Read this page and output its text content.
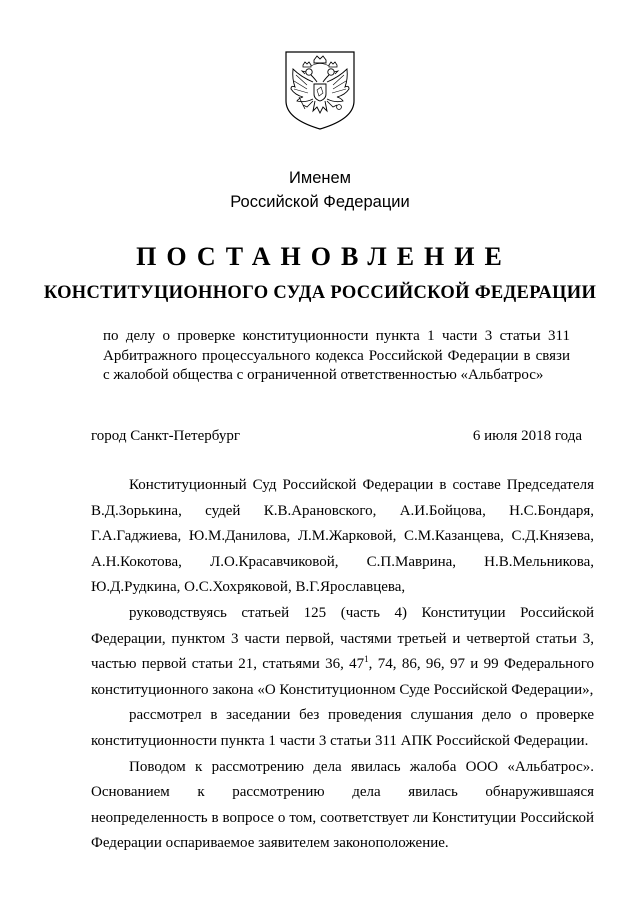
Именем
Российской Федерации
ПОСТАНОВЛЕНИЕ
КОНСТИТУЦИОННОГО СУДА РОССИЙСКОЙ ФЕДЕРАЦИИ
по делу о проверке конституционности пункта 1 части 3 статьи 311 Арбитражного процессуального кодекса Российской Федерации в связи с жалобой общества с ограниченной ответственностью «Альбатрос»
город Санкт-Петербург	6 июля 2018 года

Конституционный Суд Российской Федерации в составе Председателя В.Д.Зорькина, судей К.В.Арановского, А.И.Бойцова, Н.С.Бондаря, Г.А.Гаджиева, Ю.М.Данилова, Л.М.Жарковой, С.М.Казанцева, С.Д.Князева, А.Н.Кокотова, Л.О.Красавчиковой, С.П.Маврина, Н.В.Мельникова, Ю.Д.Рудкина, О.С.Хохряковой, В.Г.Ярославцева,

руководствуясь статьей 125 (часть 4) Конституции Российской Федерации, пунктом 3 части первой, частями третьей и четвертой статьи 3, частью первой статьи 21, статьями 36, $47^1$, 74, 86, 96, 97 и 99 Федерального конституционного закона «О Конституционном Суде Российской Федерации»,

рассмотрел в заседании без проведения слушания дело о проверке конституционности пункта 1 части 3 статьи 311 АПК Российской Федерации.

Поводом к рассмотрению дела явилась жалоба ООО «Альбатрос». Основанием к рассмотрению дела явилась обнаружившаяся неопределенность в вопросе о том, соответствует ли Конституции Российской Федерации оспариваемое заявителем законоположение.
